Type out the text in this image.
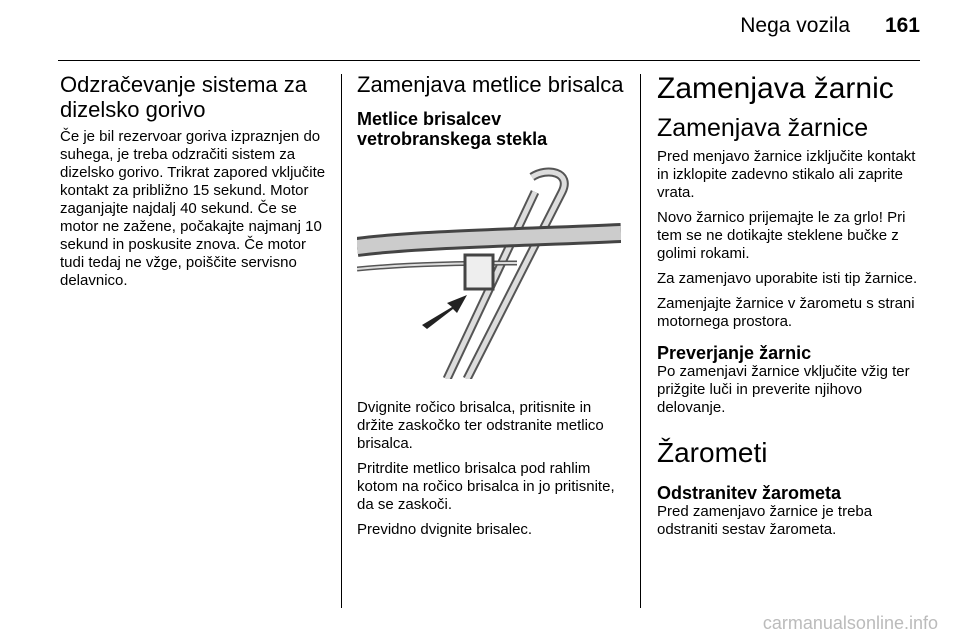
Nega vozila	161
Odzračevanje sistema za dizelsko gorivo

Če je bil rezervoar goriva izpraznjen do suhega, je treba odzračiti sistem za dizelsko gorivo. Trikrat zapored vključite kontakt za približno 15 sekund. Motor zaganjajte najdalj 40 sekund. Če se motor ne zažene, počakajte najmanj 10 sekund in poskusite znova. Če motor tudi tedaj ne vžge, poiščite servisno delavnico.

Zamenjava metlice brisalca
Metlice brisalcev vetrobranskega stekla

Dvignite ročico brisalca, pritisnite in držite zaskočko ter odstranite metlico brisalca.

Pritrdite metlico brisalca pod rahlim kotom na ročico brisalca in jo pritisnite, da se zaskoči.

Previdno dvignite brisalec.

Zamenjava žarnic
Zamenjava žarnice

Pred menjavo žarnice izključite kontakt in izklopite zadevno stikalo ali zaprite vrata.

Novo žarnico prijemajte le za grlo! Pri tem se ne dotikajte steklene bučke z golimi rokami.

Za zamenjavo uporabite isti tip žarnice.

Zamenjajte žarnice v žarometu s strani motornega prostora.

Preverjanje žarnic

Po zamenjavi žarnice vključite vžig ter prižgite luči in preverite njihovo delovanje.

Žarometi
Odstranitev žarometa

Pred zamenjavo žarnice je treba odstraniti sestav žarometa.

carmanualsonline.info
